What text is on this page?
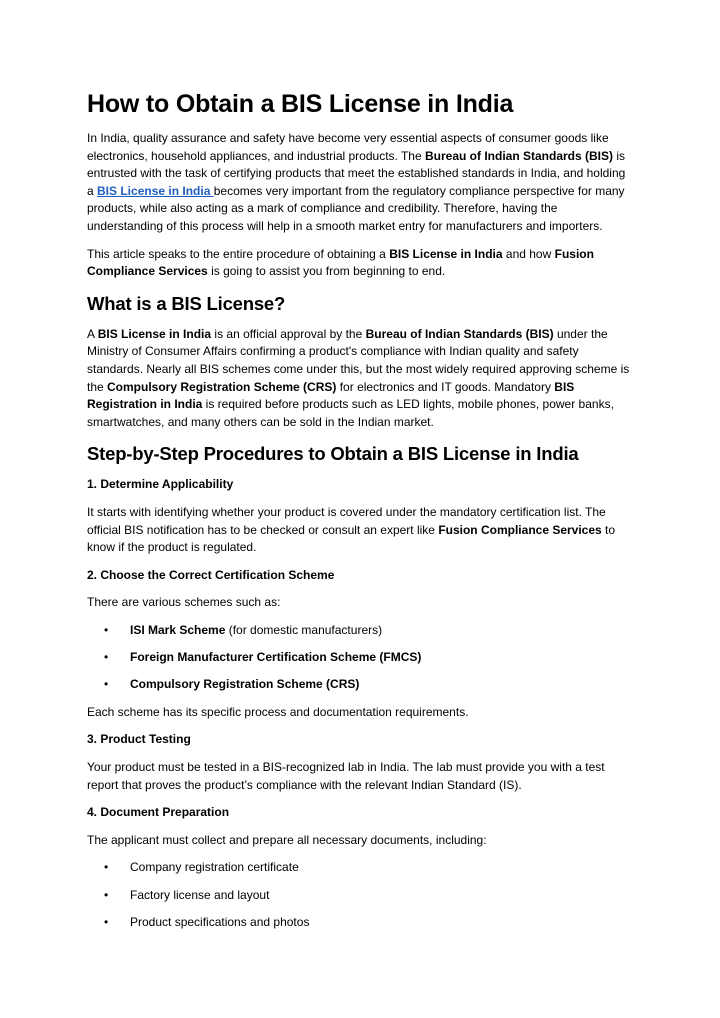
How to Obtain a BIS License in India

In India, quality assurance and safety have become very essential aspects of consumer goods like electronics, household appliances, and industrial products. The Bureau of Indian Standards (BIS) is entrusted with the task of certifying products that meet the established standards in India, and holding a BIS License in India becomes very important from the regulatory compliance perspective for many products, while also acting as a mark of compliance and credibility. Therefore, having the understanding of this process will help in a smooth market entry for manufacturers and importers.

This article speaks to the entire procedure of obtaining a BIS License in India and how Fusion Compliance Services is going to assist you from beginning to end.

What is a BIS License?

A BIS License in India is an official approval by the Bureau of Indian Standards (BIS) under the Ministry of Consumer Affairs confirming a product's compliance with Indian quality and safety standards. Nearly all BIS schemes come under this, but the most widely required approving scheme is the Compulsory Registration Scheme (CRS) for electronics and IT goods. Mandatory BIS Registration in India is required before products such as LED lights, mobile phones, power banks, smartwatches, and many others can be sold in the Indian market.

Step-by-Step Procedures to Obtain a BIS License in India

1. Determine Applicability

It starts with identifying whether your product is covered under the mandatory certification list. The official BIS notification has to be checked or consult an expert like Fusion Compliance Services to know if the product is regulated.

2. Choose the Correct Certification Scheme

There are various schemes such as:

• ISI Mark Scheme (for domestic manufacturers)
• Foreign Manufacturer Certification Scheme (FMCS)
• Compulsory Registration Scheme (CRS)

Each scheme has its specific process and documentation requirements.

3. Product Testing

Your product must be tested in a BIS-recognized lab in India. The lab must provide you with a test report that proves the product’s compliance with the relevant Indian Standard (IS).

4. Document Preparation

The applicant must collect and prepare all necessary documents, including:

• Company registration certificate
• Factory license and layout
• Product specifications and photos
